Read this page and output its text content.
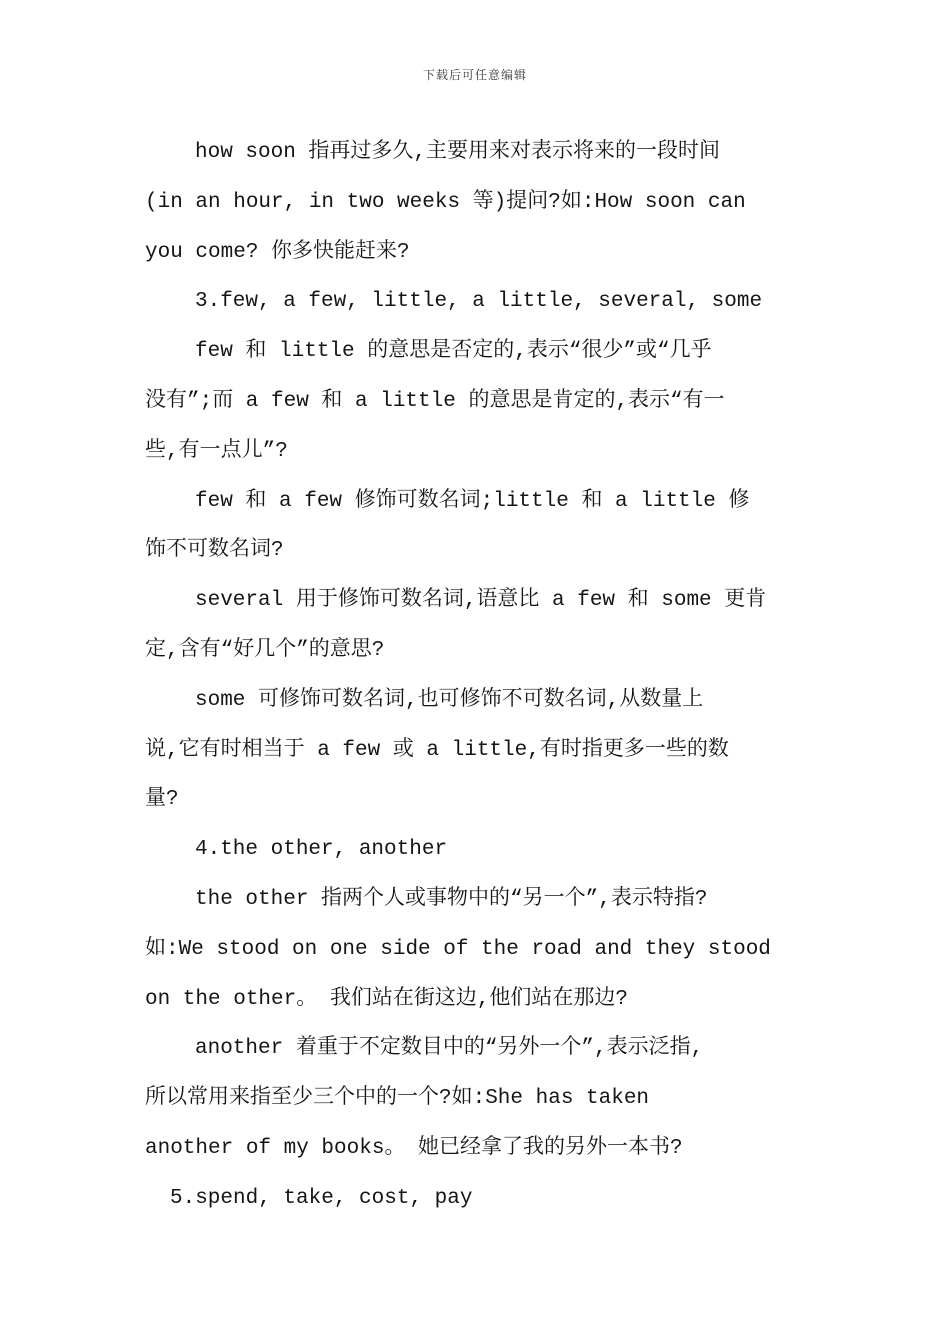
下载后可任意编辑
how soon 指再过多久,主要用来对表示将来的一段时间
(in an hour, in two weeks 等)提问?如:How soon can
you come? 你多快能赶来?
3.few, a few, little, a little, several, some
few 和 little 的意思是否定的,表示“很少”或“几乎
没有”;而 a few 和 a little 的意思是肯定的,表示“有一
些,有一点儿”?
few 和 a few 修饰可数名词;little 和 a little 修
饰不可数名词?
several 用于修饰可数名词,语意比 a few 和 some 更肯
定,含有“好几个”的意思?
some 可修饰可数名词,也可修饰不可数名词,从数量上
说,它有时相当于 a few 或 a little,有时指更多一些的数
量?
4.the other, another
the other 指两个人或事物中的“另一个”,表示特指?
如:We stood on one side of the road and they stood
on the other。 我们站在街这边,他们站在那边?
another 着重于不定数目中的“另外一个”,表示泛指,
所以常用来指至少三个中的一个?如:She has taken
another of my books。 她已经拿了我的另外一本书?
5.spend, take, cost, pay
